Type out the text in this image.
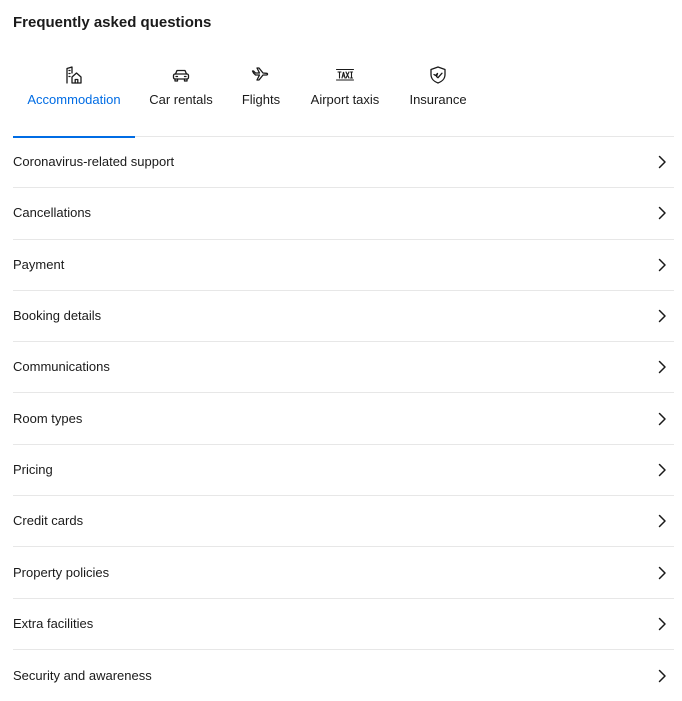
Frequently asked questions
Accommodation Car rentals Flights Airport taxis Insurance
Coronavirus-related support
Cancellations
Payment
Booking details
Communications
Room types
Pricing
Credit cards
Property policies
Extra facilities
Security and awareness
